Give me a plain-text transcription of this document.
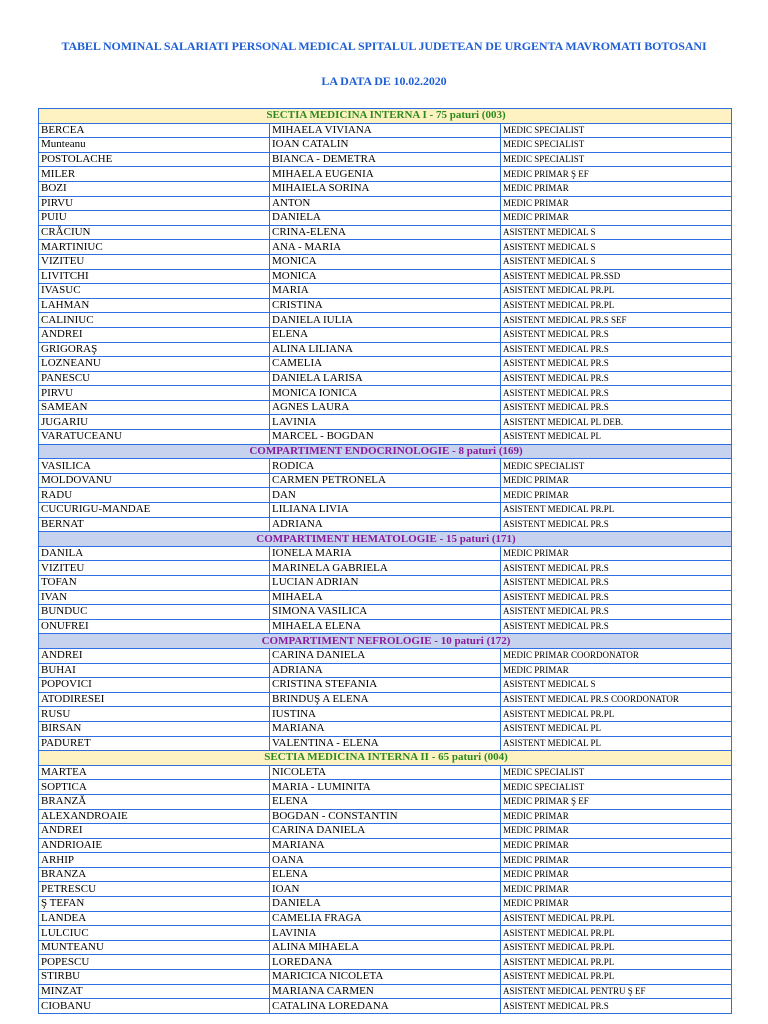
TABEL NOMINAL SALARIATI PERSONAL MEDICAL SPITALUL JUDETEAN DE URGENTA MAVROMATI BOTOSANI
LA DATA DE 10.02.2020
SECTIA MEDICINA INTERNA I - 75 paturi (003)		
BERCEA	MIHAELA VIVIANA	MEDIC SPECIALIST
Munteanu	IOAN CATALIN	MEDIC SPECIALIST
POSTOLACHE	BIANCA - DEMETRA	MEDIC SPECIALIST
MILER	MIHAELA EUGENIA	MEDIC PRIMAR Ş EF
BOZI	MIHAIELA SORINA	MEDIC PRIMAR
PIRVU	ANTON	MEDIC PRIMAR
PUIU	DANIELA	MEDIC PRIMAR
CRĂCIUN	CRINA-ELENA	ASISTENT MEDICAL S
MARTINIUC	ANA - MARIA	ASISTENT MEDICAL S
VIZITEU	MONICA	ASISTENT MEDICAL S
LIVITCHI	MONICA	ASISTENT MEDICAL PR.SSD
IVASUC	MARIA	ASISTENT MEDICAL PR.PL
LAHMAN	CRISTINA	ASISTENT MEDICAL PR.PL
CALINIUC	DANIELA IULIA	ASISTENT MEDICAL PR.S SEF
ANDREI	ELENA	ASISTENT MEDICAL PR.S
GRIGORAŞ	ALINA LILIANA	ASISTENT MEDICAL PR.S
LOZNEANU	CAMELIA	ASISTENT MEDICAL PR.S
PANESCU	DANIELA LARISA	ASISTENT MEDICAL PR.S
PIRVU	MONICA IONICA	ASISTENT MEDICAL PR.S
SAMEAN	AGNES LAURA	ASISTENT MEDICAL PR.S
JUGARIU	LAVINIA	ASISTENT MEDICAL PL DEB.
VARATUCEANU	MARCEL - BOGDAN	ASISTENT MEDICAL PL
COMPARTIMENT ENDOCRINOLOGIE - 8 paturi (169)		
VASILICA	RODICA	MEDIC SPECIALIST
MOLDOVANU	CARMEN PETRONELA	MEDIC PRIMAR
RADU	DAN	MEDIC PRIMAR
CUCURIGU-MANDAE	LILIANA LIVIA	ASISTENT MEDICAL PR.PL
BERNAT	ADRIANA	ASISTENT MEDICAL PR.S
COMPARTIMENT HEMATOLOGIE - 15 paturi (171)		
DANILA	IONELA MARIA	MEDIC PRIMAR
VIZITEU	MARINELA GABRIELA	ASISTENT MEDICAL PR.S
TOFAN	LUCIAN ADRIAN	ASISTENT MEDICAL PR.S
IVAN	MIHAELA	ASISTENT MEDICAL PR.S
BUNDUC	SIMONA VASILICA	ASISTENT MEDICAL PR.S
ONUFREI	MIHAELA ELENA	ASISTENT MEDICAL PR.S
COMPARTIMENT NEFROLOGIE - 10 paturi (172)		
ANDREI	CARINA DANIELA	MEDIC PRIMAR COORDONATOR
BUHAI	ADRIANA	MEDIC PRIMAR
POPOVICI	CRISTINA STEFANIA	ASISTENT MEDICAL S
ATODIRESEI	BRINDUŞ A ELENA	ASISTENT MEDICAL PR.S COORDONATOR
RUSU	IUSTINA	ASISTENT MEDICAL PR.PL
BIRSAN	MARIANA	ASISTENT MEDICAL PL
PADURET	VALENTINA - ELENA	ASISTENT MEDICAL PL
SECTIA MEDICINA INTERNA II - 65 paturi (004)		
MARTEA	NICOLETA	MEDIC SPECIALIST
SOPTICA	MARIA - LUMINITA	MEDIC SPECIALIST
BRANZĂ	ELENA	MEDIC PRIMAR Ş EF
ALEXANDROAIE	BOGDAN - CONSTANTIN	MEDIC PRIMAR
ANDREI	CARINA DANIELA	MEDIC PRIMAR
ANDRIOAIE	MARIANA	MEDIC PRIMAR
ARHIP	OANA	MEDIC PRIMAR
BRANZA	ELENA	MEDIC PRIMAR
PETRESCU	IOAN	MEDIC PRIMAR
Ş TEFAN	DANIELA	MEDIC PRIMAR
LANDEA	CAMELIA FRAGA	ASISTENT MEDICAL PR.PL
LULCIUC	LAVINIA	ASISTENT MEDICAL PR.PL
MUNTEANU	ALINA MIHAELA	ASISTENT MEDICAL PR.PL
POPESCU	LOREDANA	ASISTENT MEDICAL PR.PL
STIRBU	MARICICA NICOLETA	ASISTENT MEDICAL PR.PL
MINZAT	MARIANA CARMEN	ASISTENT MEDICAL PENTRU Ş EF
CIOBANU	CATALINA LOREDANA	ASISTENT MEDICAL PR.S
